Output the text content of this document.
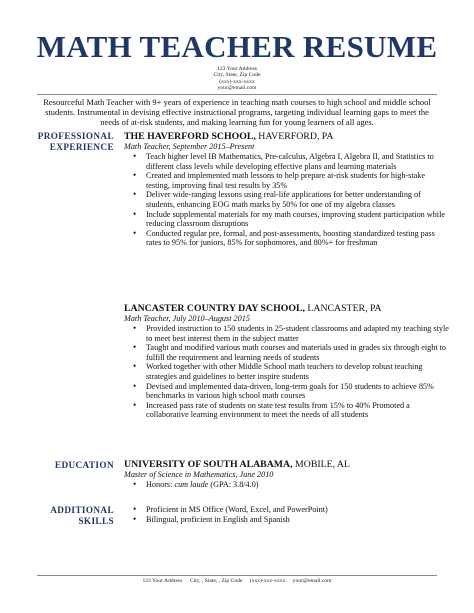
MATH TEACHER RESUME
123 Your Address
City, State, Zip Code
(xxx)-xxx-xxxx
your@email.com
Resourceful Math Teacher with 9+ years of experience in teaching math courses to high school and middle school students. Instrumental in devising effective instructional programs, targeting individual learning gaps to meet the needs of at-risk students, and making learning fun for young learners of all ages.
PROFESSIONAL
EXPERIENCE
THE HAVERFORD SCHOOL, HAVERFORD, PA
Math Teacher, September 2015–Present
• Teach higher level IB Mathematics, Pre-calculus, Algebra I, Algebra II, and Statistics to different class levels while developing effective plans and learning materials
• Created and implemented math lessons to help prepare at-risk students for high-stake testing, improving final test results by 35%
• Deliver wide-ranging lessons using real-life applications for better understanding of students, enhancing EOG math marks by 50% for one of my algebra classes
• Include supplemental materials for my math courses, improving student participation while reducing classroom disruptions
• Conducted regular pre, formal, and post-assessments, boosting standardized testing pass rates to 95% for juniors, 85% for sophomores, and 80%+ for freshman
LANCASTER COUNTRY DAY SCHOOL, LANCASTER, PA
Math Teacher, July 2010–August 2015
• Provided instruction to 150 students in 25-student classrooms and adapted my teaching style to meet best interest them in the subject matter
• Taught and modified various math courses and materials used in grades six through eight to fulfill the requirement and learning needs of students
• Worked together with other Middle School math teachers to develop robust teaching strategies and guidelines to better inspire students
• Devised and implemented data-driven, long-term goals for 150 students to achieve 85% benchmarks in various high school math courses
• Increased pass rate of students on state test results from 15% to 40% Promoted a collaborative learning environment to meet the needs of all students
EDUCATION UNIVERSITY OF SOUTH ALABAMA, MOBILE, AL
Master of Science in Mathematics, June 2010
• Honors: cum laude (GPA: 3.8/4.0)
ADDITIONAL
SKILLS
• Proficient in MS Office (Word, Excel, and PowerPoint)
• Bilingual, proficient in English and Spanish
123 Your Address City, , State, , Zip Code (xxx)-xxx-xxxx your@email.com
